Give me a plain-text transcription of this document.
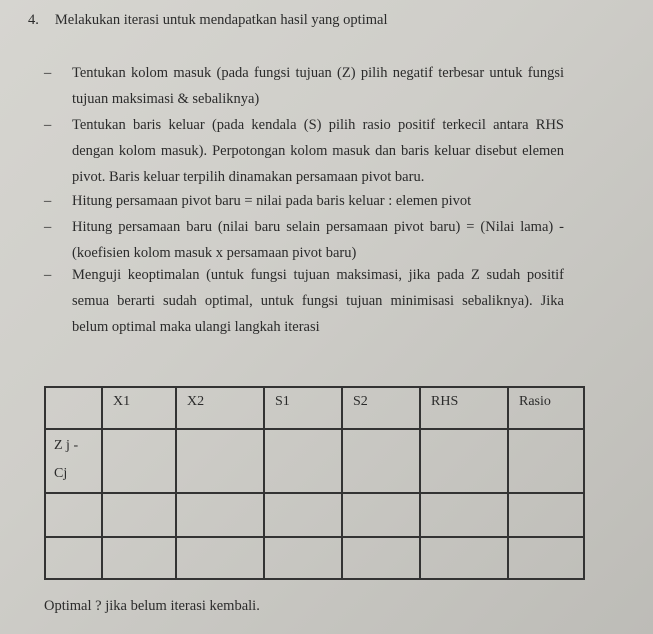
4. Melakukan iterasi untuk mendapatkan hasil yang optimal
– Tentukan kolom masuk (pada fungsi tujuan (Z) pilih negatif terbesar untuk fungsi tujuan maksimasi & sebaliknya)
– Tentukan baris keluar (pada kendala (S) pilih rasio positif terkecil antara RHS dengan kolom masuk). Perpotongan kolom masuk dan baris keluar disebut elemen pivot. Baris keluar terpilih dinamakan persamaan pivot baru.
– Hitung persamaan pivot baru = nilai pada baris keluar : elemen pivot
– Hitung persamaan baru (nilai baru selain persamaan pivot baru) = (Nilai lama) - (koefisien kolom masuk x persamaan pivot baru)
– Menguji keoptimalan (untuk fungsi tujuan maksimasi, jika pada Z sudah positif semua berarti sudah optimal, untuk fungsi tujuan minimisasi sebaliknya). Jika belum optimal maka ulangi langkah iterasi
	X1	X2	S1	S2	RHS	Rasio

Z j -
Cj						

Optimal ? jika belum iterasi kembali.
